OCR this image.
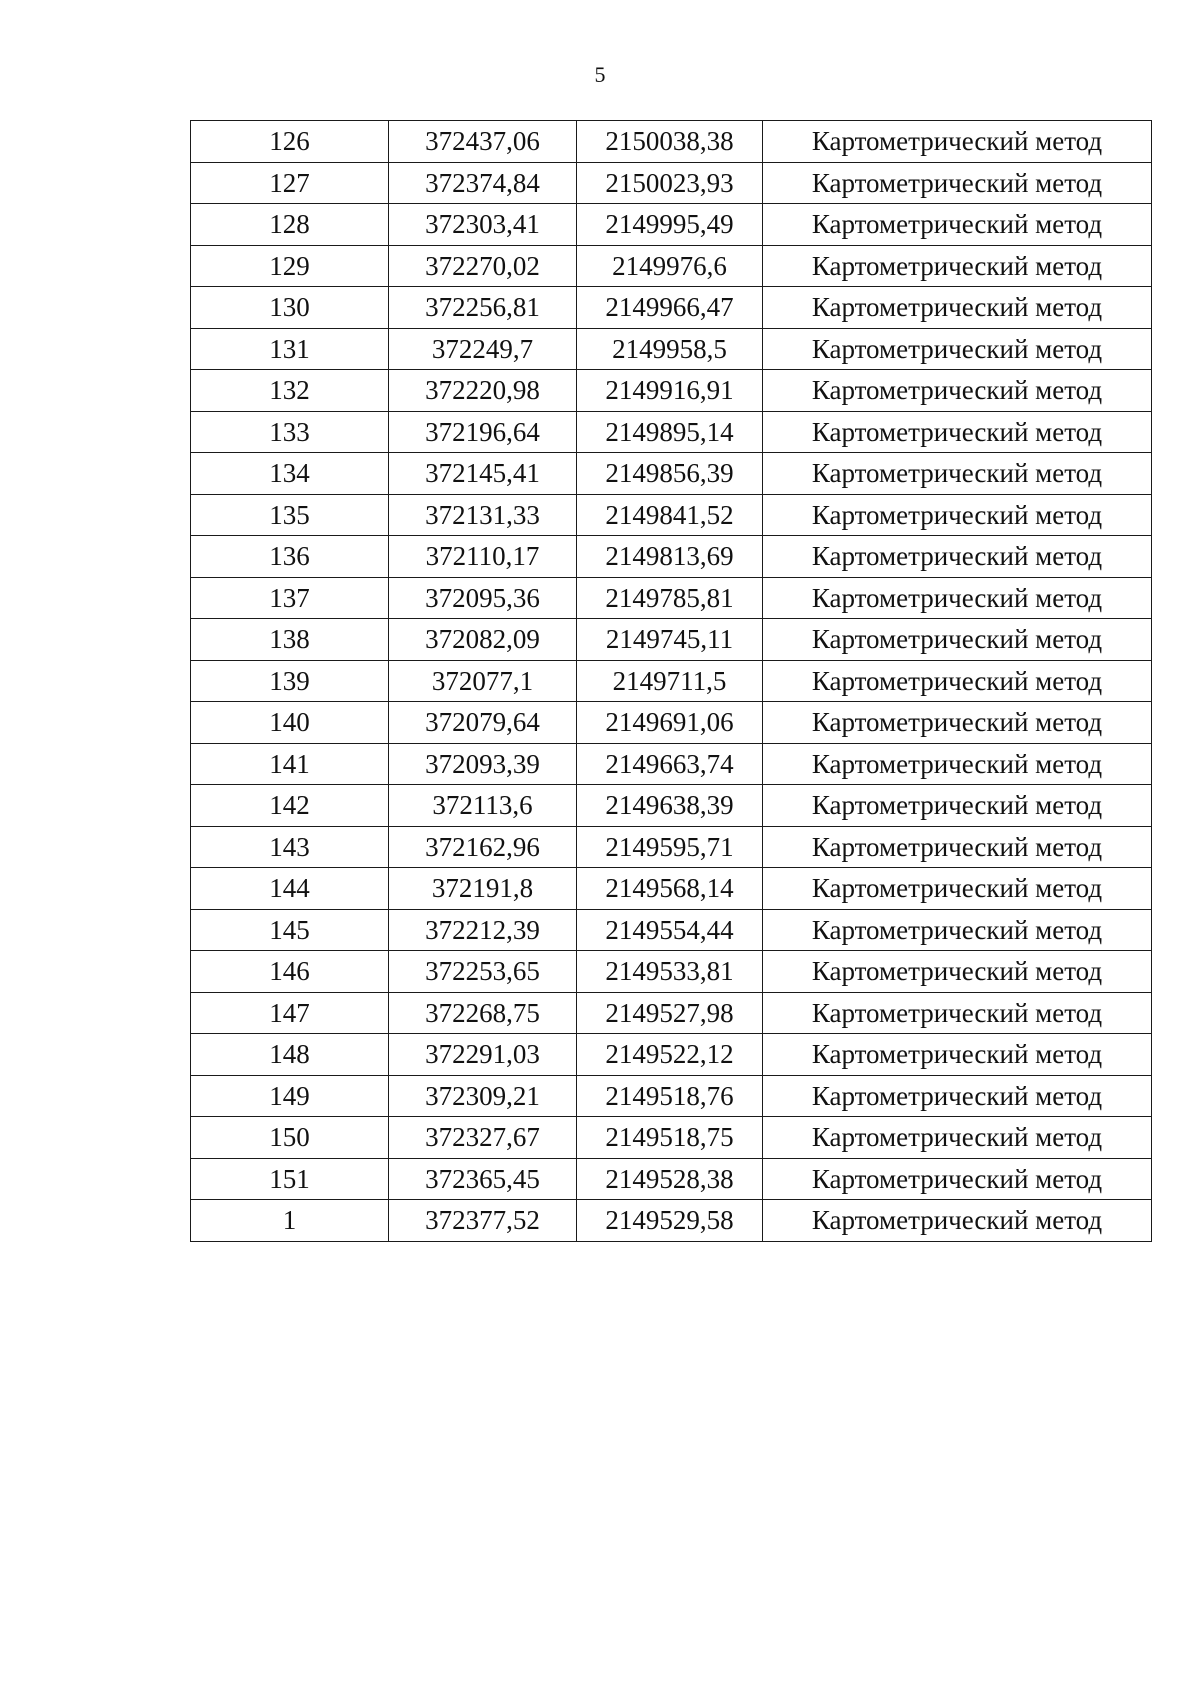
5
126	372437,06	2150038,38	Картометрический метод
127	372374,84	2150023,93	Картометрический метод
128	372303,41	2149995,49	Картометрический метод
129	372270,02	2149976,6	Картометрический метод
130	372256,81	2149966,47	Картометрический метод
131	372249,7	2149958,5	Картометрический метод
132	372220,98	2149916,91	Картометрический метод
133	372196,64	2149895,14	Картометрический метод
134	372145,41	2149856,39	Картометрический метод
135	372131,33	2149841,52	Картометрический метод
136	372110,17	2149813,69	Картометрический метод
137	372095,36	2149785,81	Картометрический метод
138	372082,09	2149745,11	Картометрический метод
139	372077,1	2149711,5	Картометрический метод
140	372079,64	2149691,06	Картометрический метод
141	372093,39	2149663,74	Картометрический метод
142	372113,6	2149638,39	Картометрический метод
143	372162,96	2149595,71	Картометрический метод
144	372191,8	2149568,14	Картометрический метод
145	372212,39	2149554,44	Картометрический метод
146	372253,65	2149533,81	Картометрический метод
147	372268,75	2149527,98	Картометрический метод
148	372291,03	2149522,12	Картометрический метод
149	372309,21	2149518,76	Картометрический метод
150	372327,67	2149518,75	Картометрический метод
151	372365,45	2149528,38	Картометрический метод
1	372377,52	2149529,58	Картометрический метод
